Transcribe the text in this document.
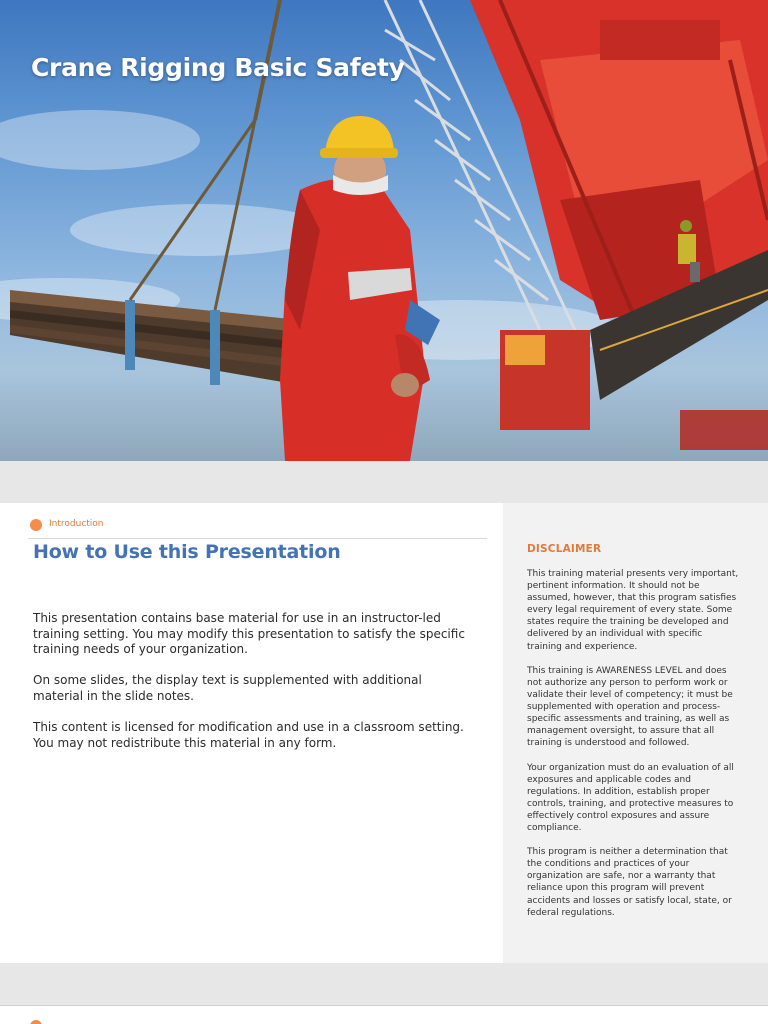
Crane Rigging Basic Safety
Introduction
How to Use this Presentation

This presentation contains base material for use in an instructor-led training setting. You may modify this presentation to satisfy the specific training needs of your organization.

On some slides, the display text is supplemented with additional material in the slide notes.

This content is licensed for modification and use in a classroom setting. You may not redistribute this material in any form.

DISCLAIMER

This training material presents very important, pertinent information. It should not be assumed, however, that this program satisfies every legal requirement of every state. Some states require the training be developed and delivered by an individual with specific training and experience.

This training is AWARENESS LEVEL and does not authorize any person to perform work or validate their level of competency; it must be supplemented with operation and process-specific assessments and training, as well as management oversight, to assure that all training is understood and followed.

Your organization must do an evaluation of all exposures and applicable codes and regulations. In addition, establish proper controls, training, and protective measures to effectively control exposures and assure compliance.

This program is neither a determination that the conditions and practices of your organization are safe, nor a warranty that reliance upon this program will prevent accidents and losses or satisfy local, state, or federal regulations.
